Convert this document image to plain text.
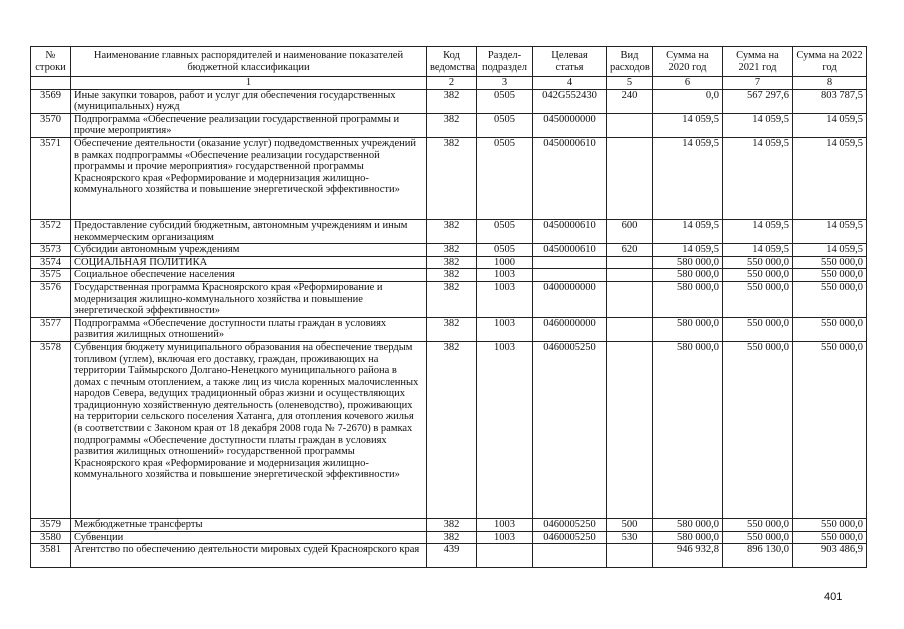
№ строки	Наименование главных распорядителей и наименование показателей бюджетной классификации	Код ведомства	Раздел-подраздел	Целевая статья	Вид расходов	Сумма на 2020 год	Сумма на 2021 год	Сумма на 2022 год
	1	2	3	4	5	6	7	8
3569	Иные закупки товаров, работ и услуг для обеспечения государственных (муниципальных) нужд	382	0505	042G552430	240	0,0	567 297,6	803 787,5
3570	Подпрограмма «Обеспечение реализации государственной программы и прочие мероприятия»	382	0505	0450000000		14 059,5	14 059,5	14 059,5
3571	Обеспечение деятельности (оказание услуг) подведомственных учреждений в рамках подпрограммы «Обеспечение реализации государственной программы и прочие мероприятия» государственной программы Красноярского края «Реформирование и модернизация жилищно-коммунального хозяйства и повышение энергетической эффективности»	382	0505	0450000610		14 059,5	14 059,5	14 059,5
3572	Предоставление субсидий бюджетным, автономным учреждениям и иным некоммерческим организациям	382	0505	0450000610	600	14 059,5	14 059,5	14 059,5
3573	Субсидии автономным учреждениям	382	0505	0450000610	620	14 059,5	14 059,5	14 059,5
3574	СОЦИАЛЬНАЯ ПОЛИТИКА	382	1000			580 000,0	550 000,0	550 000,0
3575	Социальное обеспечение населения	382	1003			580 000,0	550 000,0	550 000,0
3576	Государственная программа Красноярского края «Реформирование и модернизация жилищно-коммунального хозяйства и повышение энергетической эффективности»	382	1003	0400000000		580 000,0	550 000,0	550 000,0
3577	Подпрограмма «Обеспечение доступности платы граждан в условиях развития жилищных отношений»	382	1003	0460000000		580 000,0	550 000,0	550 000,0
3578	Субвенция бюджету муниципального образования на обеспечение твердым топливом (углем), включая его доставку, граждан, проживающих на территории Таймырского Долгано-Ненецкого муниципального района в домах с печным отоплением, а также лиц из числа коренных малочисленных народов Севера, ведущих традиционный образ жизни и осуществляющих традиционную хозяйственную деятельность (оленеводство), проживающих на территории сельского поселения Хатанга, для отопления кочевого жилья (в соответствии с Законом края от 18 декабря 2008 года № 7-2670) в рамках подпрограммы «Обеспечение доступности платы граждан в условиях развития жилищных отношений» государственной программы Красноярского края «Реформирование и модернизация жилищно-коммунального хозяйства и повышение энергетической эффективности»	382	1003	0460005250		580 000,0	550 000,0	550 000,0
3579	Межбюджетные трансферты	382	1003	0460005250	500	580 000,0	550 000,0	550 000,0
3580	Субвенции	382	1003	0460005250	530	580 000,0	550 000,0	550 000,0
3581	Агентство по обеспечению деятельности мировых судей Красноярского края	439				946 932,8	896 130,0	903 486,9
401
